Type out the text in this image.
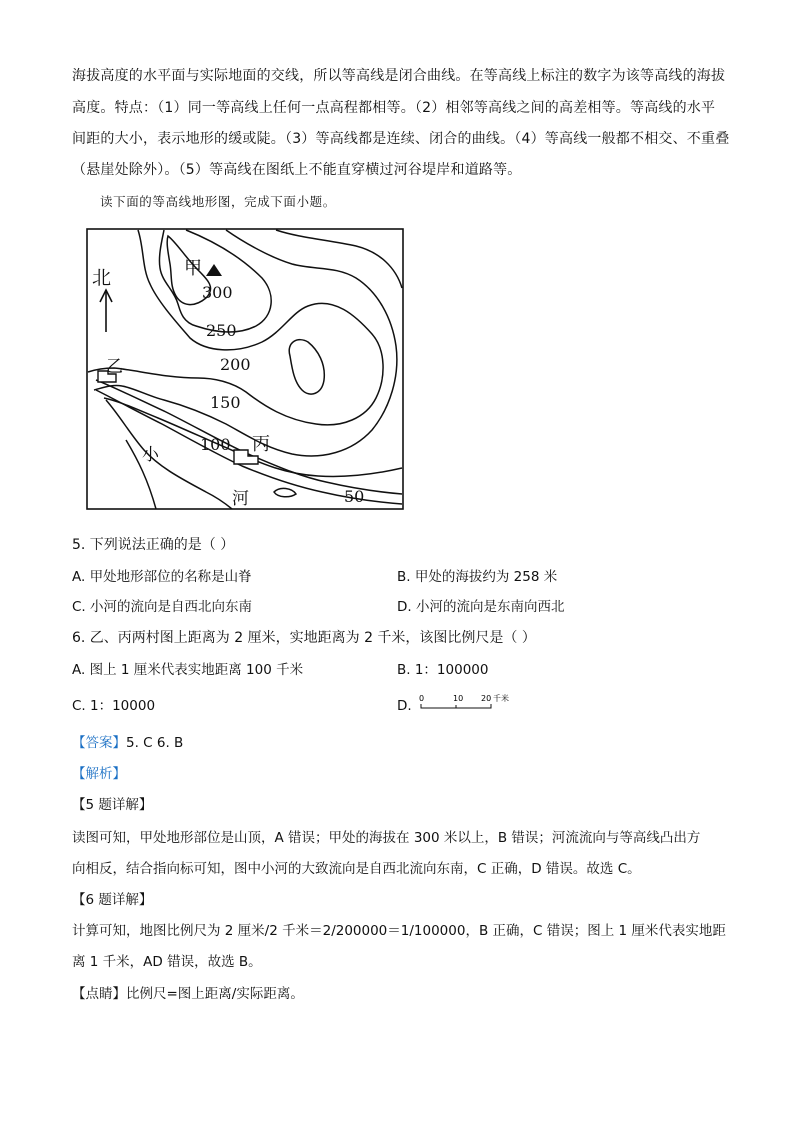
海拔高度的水平面与实际地面的交线，所以等高线是闭合曲线。在等高线上标注的数字为该等高线的海拔
高度。特点：（1）同一等高线上任何一点高程都相等。（2）相邻等高线之间的高差相等。等高线的水平
间距的大小，表示地形的缓或陡。（3）等高线都是连续、闭合的曲线。（4）等高线一般都不相交、不重叠
（悬崖处除外）。（5）等高线在图纸上不能直穿横过河谷堤岸和道路等。
读下面的等高线地形图，完成下面小题。
北	甲
乙
丙
小
河
300
250
200
150
100
50
5. 下列说法正确的是（ ）
A. 甲处地形部位的名称是山脊	B. 甲处的海拔约为 258 米
C. 小河的流向是自西北向东南	D. 小河的流向是东南向西北
6. 乙、丙两村图上距离为 2 厘米，实地距离为 2 千米，该图比例尺是（ ）
A. 图上 1 厘米代表实地距离 100 千米	B. 1：100000
C. 1：10000	D. 0	10 20 千米
【答案】5. C 6. B
【解析】
【5 题详解】
读图可知，甲处地形部位是山顶，A 错误；甲处的海拔在 300 米以上，B 错误；河流流向与等高线凸出方
向相反，结合指向标可知，图中小河的大致流向是自西北流向东南，C 正确，D 错误。故选 C。
【6 题详解】
计算可知，地图比例尺为 2 厘米/2 千米＝2/200000＝1/100000，B 正确，C 错误；图上 1 厘米代表实地距
离 1 千米，AD 错误，故选 B。
【点睛】比例尺=图上距离/实际距离。
